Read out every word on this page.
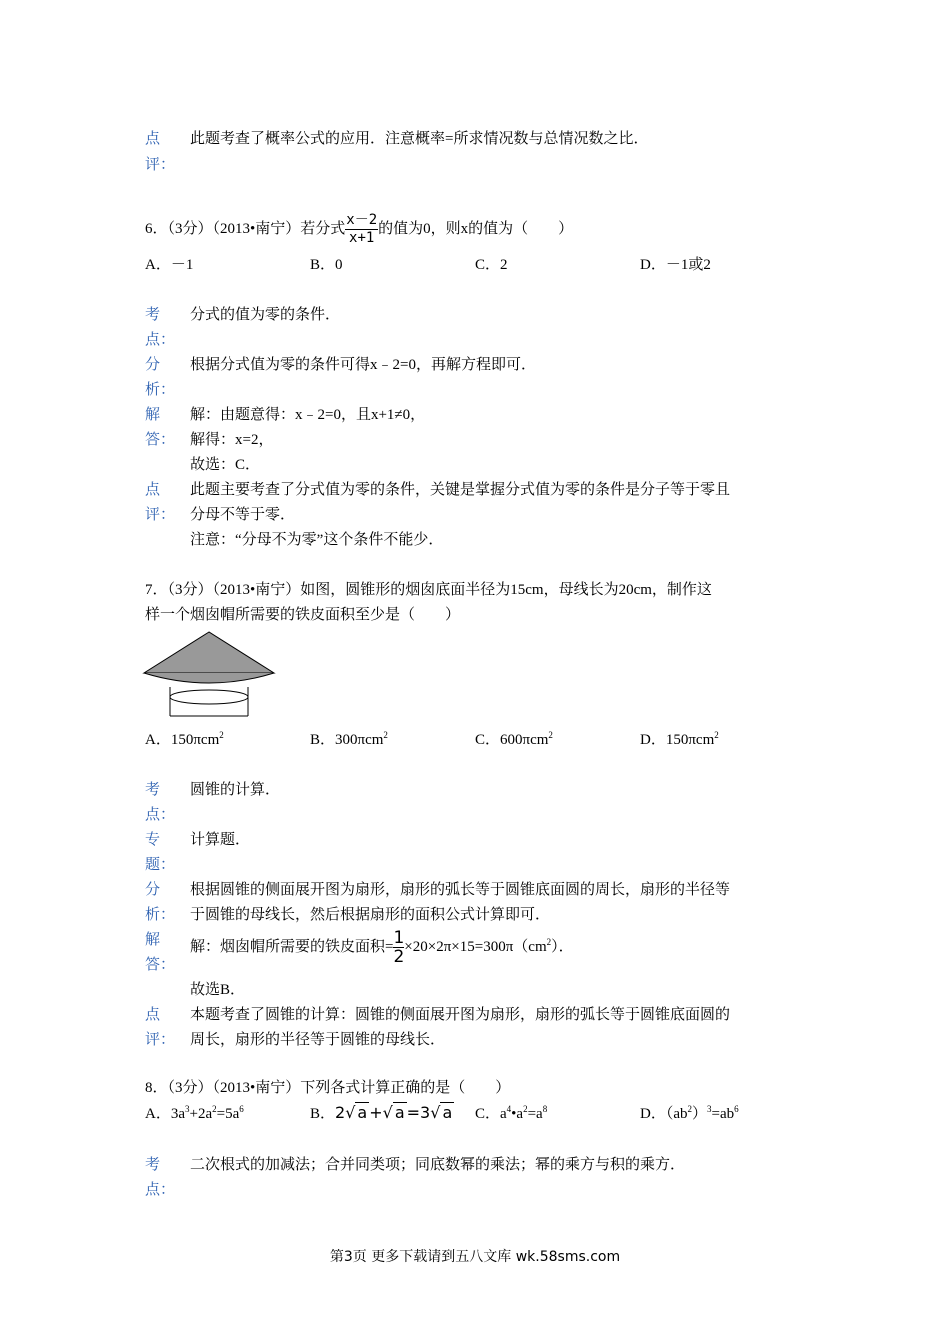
点
评：
此题考查了概率公式的应用．注意概率=所求情况数与总情况数之比．
6．（3分）（2013•南宁）若分式 $\frac{x-2}{x+1}$ 的值为0，则x的值为（　　）
A．－1	B．0	C．2	D．－1或2
考
点：
分式的值为零的条件．
分
析：
根据分式值为零的条件可得x﹣2=0，再解方程即可．
解
答：
解：由题意得：x﹣2=0，且x+1≠0，
解得：x=2，
故选：C．
点
评：
此题主要考查了分式值为零的条件，关键是掌握分式值为零的条件是分子等于零且
分母不等于零．
注意：“分母不为零”这个条件不能少．
7．（3分）（2013•南宁）如图，圆锥形的烟囱底面半径为15cm，母线长为20cm，制作这
样一个烟囱帽所需要的铁皮面积至少是（　　）
A．150πcm$^2$	B．300πcm$^2$	C．600πcm$^2$	D．150πcm$^2$
考
点：
圆锥的计算．
专
题：
计算题．
分
析：
根据圆锥的侧面展开图为扇形，扇形的弧长等于圆锥底面圆的周长，扇形的半径等
于圆锥的母线长，然后根据扇形的面积公式计算即可．
解
答：
解：烟囱帽所需要的铁皮面积= $\frac{1}{2} \times 20\times 2\pi\times 15=300\pi(cm^2)$．
故选B．
点
评：
本题考查了圆锥的计算：圆锥的侧面展开图为扇形，扇形的弧长等于圆锥底面圆的
周长，扇形的半径等于圆锥的母线长．
8．（3分）（2013•南宁）下列各式计算正确的是（　　）
A．$3a^3+2a^2=5a^6$	B．2√ a +√ a =3√ a C．$a^4•a^2=a^8$	D．$(ab^2)^3=ab^6$
考
点：
二次根式的加减法；合并同类项；同底数幂的乘法；幂的乘方与积的乘方．
第3页 更多下载请到五八文库 wk.58sms.com
